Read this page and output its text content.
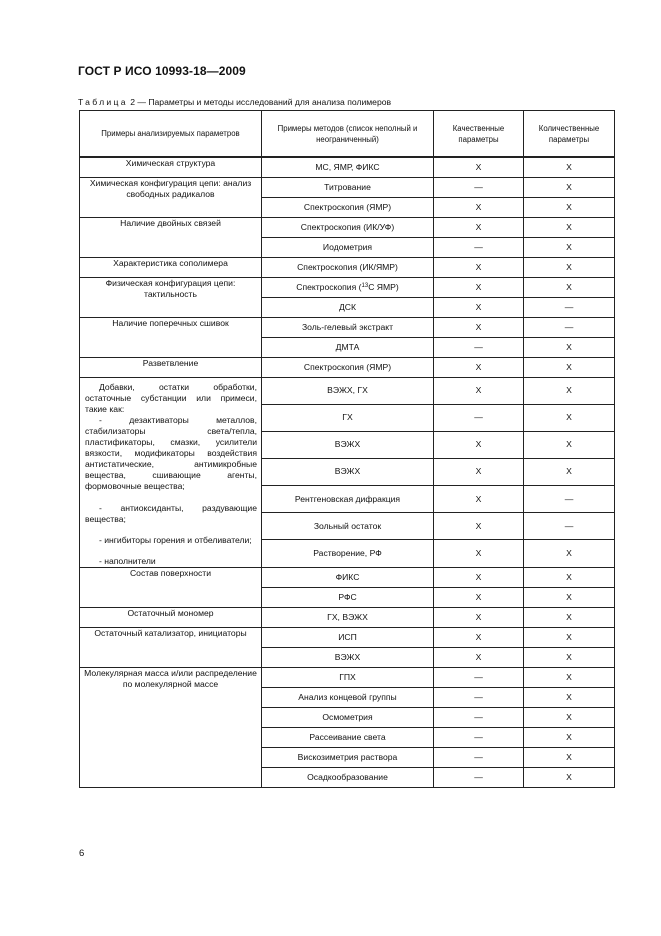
ГОСТ Р ИСО 10993-18—2009
Таблица 2 — Параметры и методы исследований для анализа полимеров
Примеры анализируемых параметров	Примеры методов (список неполный и неограниченный)	Качественные параметры	Количественные параметры
Химическая структура	МС, ЯМР, ФИКС	X	X
Химическая конфигурация цепи: анализ свободных радикалов	Титрование	—	X
	Спектроскопия (ЯМР)	X	X
Наличие двойных связей	Спектроскопия (ИК/УФ)	X	X
	Иодометрия	—	X
Характеристика сополимера	Спектроскопия (ИК/ЯМР)	X	X
Физическая конфигурация цепи: тактильность	Спектроскопия ($^{13}$C ЯМР)	X	X
	ДСК	X	—
Наличие поперечных сшивок	Золь-гелевый экстракт	X	—
	ДМТА	—	X
Разветвление	Спектроскопия (ЯМР)	X	X

Добавки, остатки обработки, остаточные субстанции или примеси, такие как:
- дезактиваторы металлов, стабилизаторы света/тепла, пластификаторы, смазки, усилители вязкости, модификаторы воздействия антистатические, антимикробные вещества, сшивающие агенты, формовочные вещества;
- антиоксиданты, раздувающие вещества;
- ингибиторы горения и отбеливатели;
- наполнители	ВЭЖХ, ГХ	X	X
	ГХ	—	X
	ВЭЖХ	X	X
	ВЭЖХ	X	X
	Рентгеновская дифракция	X	—
	Зольный остаток	X	—
	Растворение, РФ	X	X
Состав поверхности	ФИКС	X	X
	РФС	X	X
Остаточный мономер	ГХ, ВЭЖХ	X	X
Остаточный катализатор, инициаторы	ИСП	X	X
	ВЭЖХ	X	X
Молекулярная масса и/или распределение по молекулярной массе	ГПХ	—	X
	Анализ концевой группы	—	X
	Осмометрия	—	X
	Рассеивание света	—	X
	Вискозиметрия раствора	—	X
	Осадкообразование	—	X
6
